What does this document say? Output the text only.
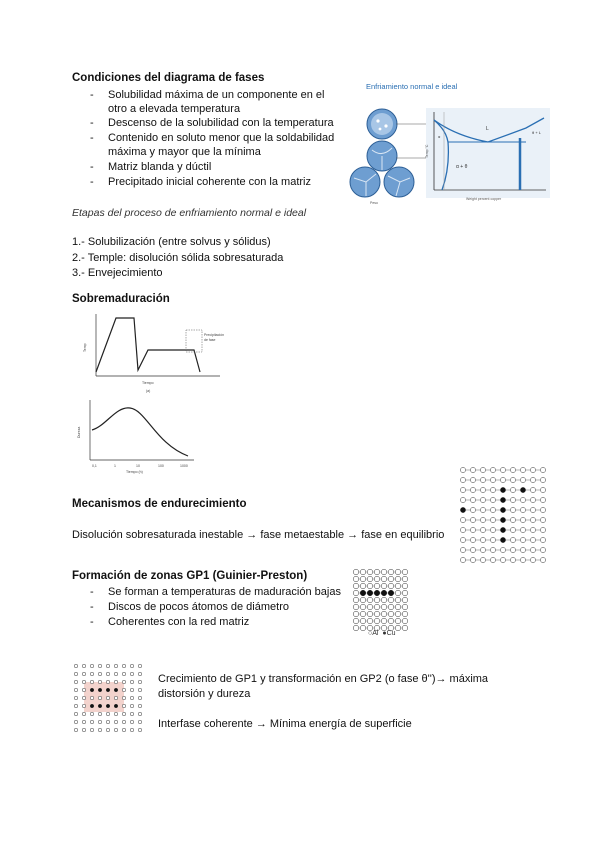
Condiciones del diagrama de fases
- Solubilidad máxima de un componente en el
otro a elevada temperatura
- Descenso de la solubilidad con la temperatura
- Contenido en soluto menor que la soldabilidad
máxima y mayor que la mínima
- Matriz blanda y dúctil
- Precipitado inicial coherente con la matriz
Enfriamiento normal e ideal
L
α + θ
α
θ + L
Weight percent copper
Temp °C
Peso
Etapas del proceso de enfriamiento normal e ideal
1.- Solubilización (entre solvus y sólidus)
2.- Temple: disolución sólida sobresaturada
3.- Envejecimiento
Sobremaduración
Precipitación
de fase
Temp
Tiempo
(a)
Dureza
0,1	1	10	100	1000
Tiempo (h)
Mecanismos de endurecimiento
Disolución sobresaturada inestable → fase metaestable → fase en equilibrio
Formación de zonas GP1 (Guinier-Preston)
- Se forman a temperaturas de maduración bajas
- Discos de pocos átomos de diámetro
- Coherentes con la red matriz
○Al  ●Cu
Crecimiento de GP1 y transformación en GP2 (o fase θ'')→ máxima
distorsión y dureza
Interfase coherente → Mínima energía de superficie
